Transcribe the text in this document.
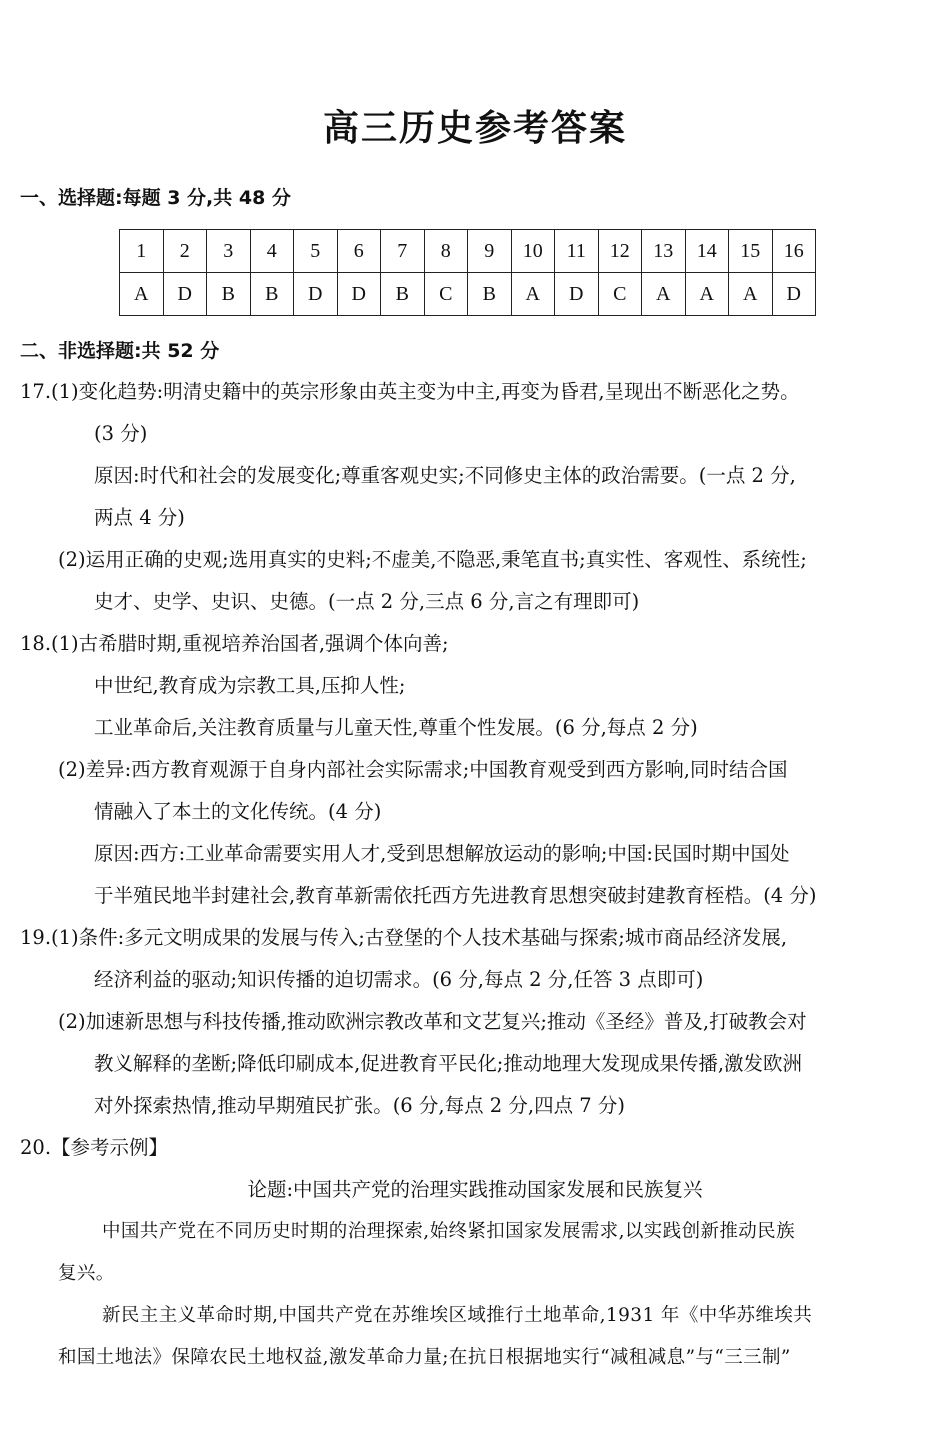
高三历史参考答案
一、选择题:每题 3 分,共 48 分
1	2	3	4	5	6	7	8	9	10	11	12	13	14	15	16
A	D	B	B	D	D	B	C	B	A	D	C	A	A	A	D
二、非选择题:共 52 分
17.(1)变化趋势:明清史籍中的英宗形象由英主变为中主,再变为昏君,呈现出不断恶化之势。
(3 分)
原因:时代和社会的发展变化;尊重客观史实;不同修史主体的政治需要。(一点 2 分,
两点 4 分)
(2)运用正确的史观;选用真实的史料;不虚美,不隐恶,秉笔直书;真实性、客观性、系统性;
史才、史学、史识、史德。(一点 2 分,三点 6 分,言之有理即可)
18.(1)古希腊时期,重视培养治国者,强调个体向善;
中世纪,教育成为宗教工具,压抑人性;
工业革命后,关注教育质量与儿童天性,尊重个性发展。(6 分,每点 2 分)
(2)差异:西方教育观源于自身内部社会实际需求;中国教育观受到西方影响,同时结合国
情融入了本土的文化传统。(4 分)
原因:西方:工业革命需要实用人才,受到思想解放运动的影响;中国:民国时期中国处
于半殖民地半封建社会,教育革新需依托西方先进教育思想突破封建教育桎梏。(4 分)
19.(1)条件:多元文明成果的发展与传入;古登堡的个人技术基础与探索;城市商品经济发展,
经济利益的驱动;知识传播的迫切需求。(6 分,每点 2 分,任答 3 点即可)
(2)加速新思想与科技传播,推动欧洲宗教改革和文艺复兴;推动《圣经》普及,打破教会对
教义解释的垄断;降低印刷成本,促进教育平民化;推动地理大发现成果传播,激发欧洲
对外探索热情,推动早期殖民扩张。(6 分,每点 2 分,四点 7 分)
20.【参考示例】
论题:中国共产党的治理实践推动国家发展和民族复兴
中国共产党在不同历史时期的治理探索,始终紧扣国家发展需求,以实践创新推动民族
复兴。
新民主主义革命时期,中国共产党在苏维埃区域推行土地革命,1931 年《中华苏维埃共
和国土地法》保障农民土地权益,激发革命力量;在抗日根据地实行“减租减息”与“三三制”
